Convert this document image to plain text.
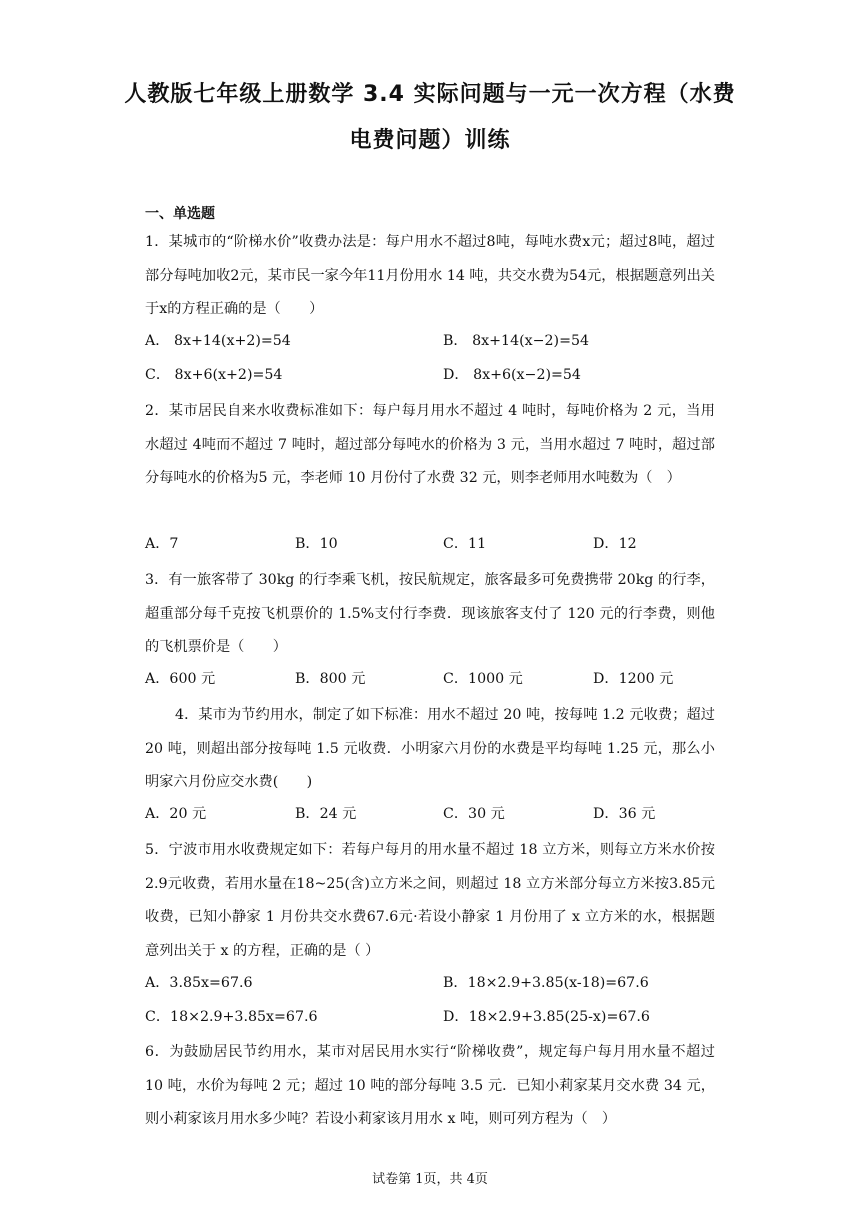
人教版七年级上册数学 3.4 实际问题与一元一次方程（水费
电费问题）训练
一、单选题
1．某城市的“阶梯水价”收费办法是：每户用水不超过8吨，每吨水费x元；超过8吨，超过部分每吨加收2元，某市民一家今年11月份用水 14 吨，共交水费为54元，根据题意列出关于x的方程正确的是（　　）
A． 8x+14(x+2)=54	B． 8x+14(x−2)=54
C． 8x+6(x+2)=54	D． 8x+6(x−2)=54
2．某市居民自来水收费标准如下：每户每月用水不超过 4 吨时，每吨价格为 2 元，当用水超过 4吨而不超过 7 吨时，超过部分每吨水的价格为 3 元，当用水超过 7 吨时，超过部分每吨水的价格为5 元，李老师 10 月份付了水费 32 元，则李老师用水吨数为（　）
A．7	B．10	C．11	D．12
3．有一旅客带了 30kg 的行李乘飞机，按民航规定，旅客最多可免费携带 20kg 的行李，超重部分每千克按飞机票价的 1.5%支付行李费．现该旅客支付了 120 元的行李费，则他的飞机票价是（　　）
A．600 元	B．800 元	C．1000 元	D．1200 元
4．某市为节约用水，制定了如下标准：用水不超过 20 吨，按每吨 1.2 元收费；超过 20 吨，则超出部分按每吨 1.5 元收费．小明家六月份的水费是平均每吨 1.25 元，那么小明家六月份应交水费(　　)
A．20 元	B．24 元	C．30 元	D．36 元
5．宁波市用水收费规定如下：若每户每月的用水量不超过 18 立方米，则每立方米水价按2.9元收费，若用水量在18~25(含)立方米之间，则超过 18 立方米部分每立方米按3.85元收费，已知小静家 1 月份共交水费67.6元·若设小静家 1 月份用了 x 立方米的水，根据题意列出关于 x 的方程，正确的是（ ）
A．3.85x=67.6	B．18×2.9+3.85(x-18)=67.6
C．18×2.9+3.85x=67.6	D．18×2.9+3.85(25-x)=67.6
6．为鼓励居民节约用水，某市对居民用水实行“阶梯收费”，规定每户每月用水量不超过 10 吨，水价为每吨 2 元；超过 10 吨的部分每吨 3.5 元．已知小莉家某月交水费 34 元，则小莉家该月用水多少吨？若设小莉家该月用水 x 吨，则可列方程为（　）
试卷第 1页，共 4页
